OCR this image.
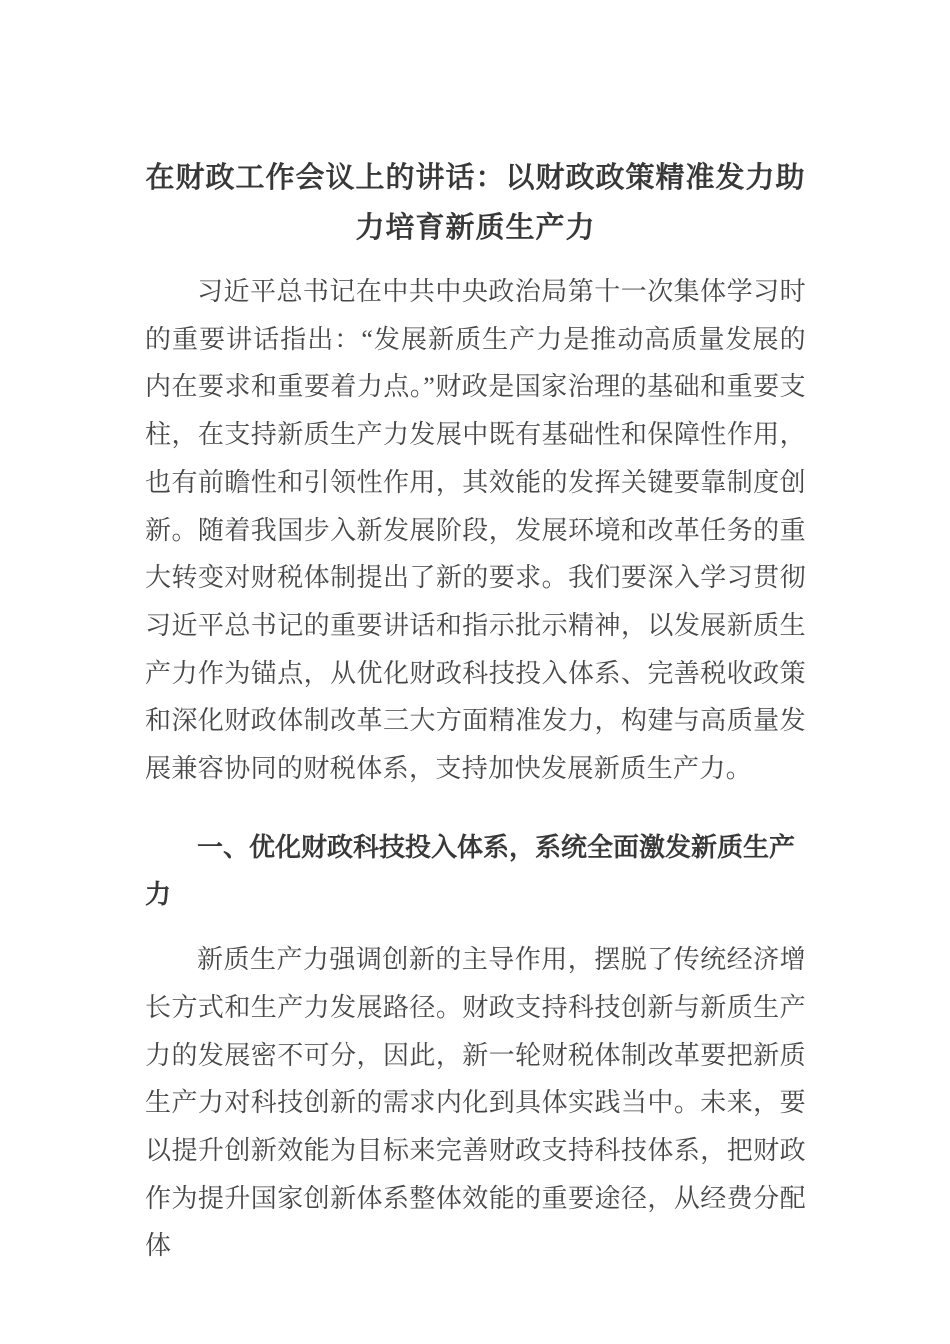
在财政工作会议上的讲话：以财政政策精准发力助力培育新质生产力

习近平总书记在中共中央政治局第十一次集体学习时的重要讲话指出：“发展新质生产力是推动高质量发展的内在要求和重要着力点。”财政是国家治理的基础和重要支柱，在支持新质生产力发展中既有基础性和保障性作用，也有前瞻性和引领性作用，其效能的发挥关键要靠制度创新。随着我国步入新发展阶段，发展环境和改革任务的重大转变对财税体制提出了新的要求。我们要深入学习贯彻习近平总书记的重要讲话和指示批示精神，以发展新质生产力作为锚点，从优化财政科技投入体系、完善税收政策和深化财政体制改革三大方面精准发力，构建与高质量发展兼容协同的财税体系，支持加快发展新质生产力。

一、优化财政科技投入体系，系统全面激发新质生产力

新质生产力强调创新的主导作用，摆脱了传统经济增长方式和生产力发展路径。财政支持科技创新与新质生产力的发展密不可分，因此，新一轮财税体制改革要把新质生产力对科技创新的需求内化到具体实践当中。未来，要以提升创新效能为目标来完善财政支持科技体系，把财政作为提升国家创新体系整体效能的重要途径，从经费分配体
